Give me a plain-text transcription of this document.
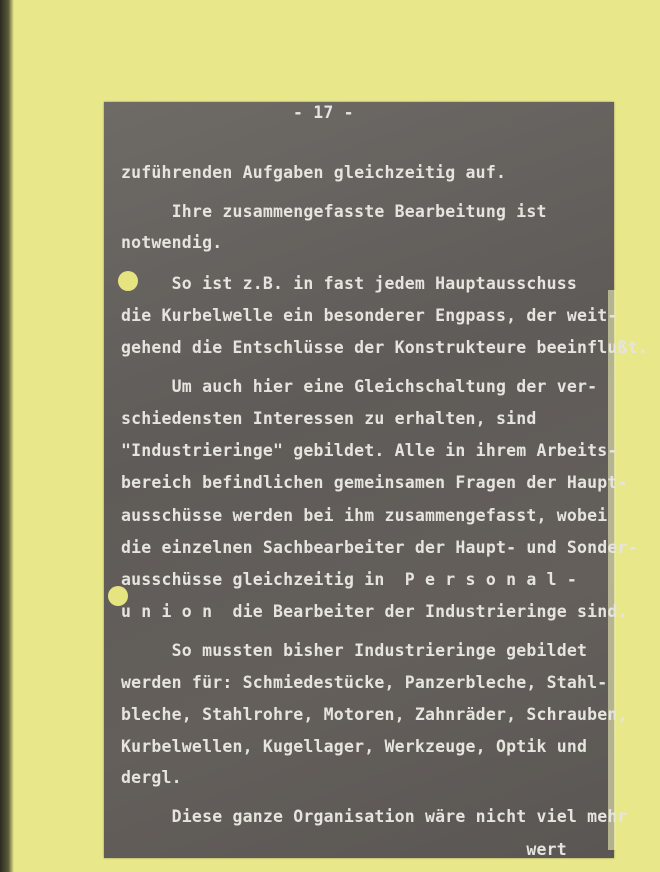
- 17 -

zuführenden Aufgaben gleichzeitig auf.

Ihre zusammengefasste Bearbeitung ist

notwendig.

So ist z.B. in fast jedem Hauptausschuss

die Kurbelwelle ein besonderer Engpass, der weit-

gehend die Entschlüsse der Konstrukteure beeinflußt.

Um auch hier eine Gleichschaltung der ver-

schiedensten Interessen zu erhalten, sind

"Industrieringe" gebildet. Alle in ihrem Arbeits-

bereich befindlichen gemeinsamen Fragen der Haupt-

ausschüsse werden bei ihm zusammengefasst, wobei

die einzelnen Sachbearbeiter der Haupt- und Sonder-

ausschüsse gleichzeitig in  P e r s o n a l -

u n i o n  die Bearbeiter der Industrieringe sind.

So mussten bisher Industrieringe gebildet

werden für: Schmiedestücke, Panzerbleche, Stahl-

bleche, Stahlrohre, Motoren, Zahnräder, Schrauben,

Kurbelwellen, Kugellager, Werkzeuge, Optik und

dergl.

Diese ganze Organisation wäre nicht viel mehr

wert
